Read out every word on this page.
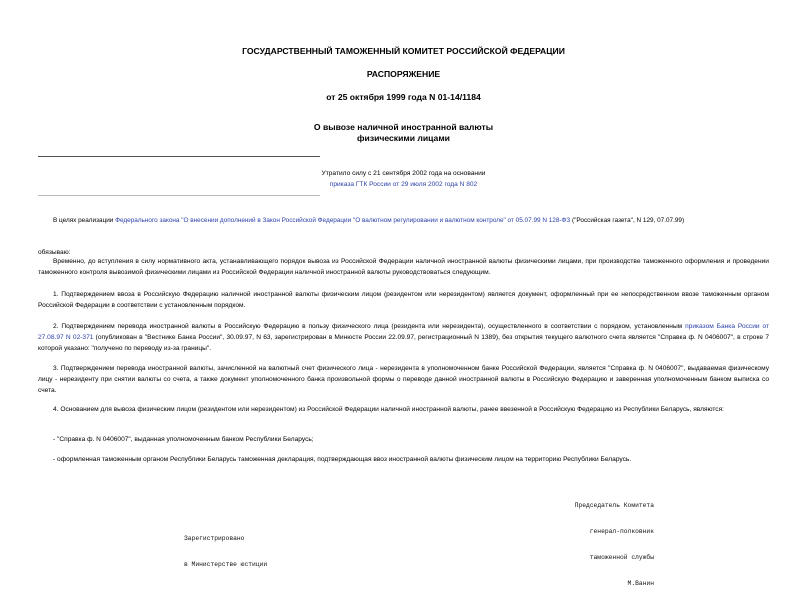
ГОСУДАРСТВЕННЫЙ ТАМОЖЕННЫЙ КОМИТЕТ РОССИЙСКОЙ ФЕДЕРАЦИИ
РАСПОРЯЖЕНИЕ
от 25 октября 1999 года N 01-14/1184
О вывозе наличной иностранной валюты
физическими лицами
Утратило силу с 21 сентября 2002 года на основании
приказа ГТК России от 29 июля 2002 года N 802
В целях реализации Федерального закона "О внесении дополнений в Закон Российской Федерации "О валютном регулировании и валютном контроле" от 05.07.99 N 128-ФЗ ("Российская газета", N 129, 07.07.99)
обязываю:
Временно, до вступления в силу нормативного акта, устанавливающего порядок вывоза из Российской Федерации наличной иностранной валюты физическими лицами, при производстве таможенного оформления и проведении таможенного контроля вывозимой физическими лицами из Российской Федерации наличной иностранной валюты руководствоваться следующим.
1. Подтверждением ввоза в Российскую Федерацию наличной иностранной валюты физическим лицом (резидентом или нерезидентом) является документ, оформленный при ее непосредственном ввозе таможенным органом Российской Федерации в соответствии с установленным порядком.
2. Подтверждением перевода иностранной валюты в Российскую Федерацию в пользу физического лица (резидента или нерезидента), осуществленного в соответствии с порядком, установленным приказом Банка России от 27.08.97 N 02-371 (опубликован в "Вестнике Банка России", 30.09.97, N 63, зарегистрирован в Минюсте России 22.09.97, регистрационный N 1389), без открытия текущего валютного счета является "Справка ф. N 0406007", в строке 7 которой указано: "получено по переводу из-за границы".
3. Подтверждением перевода иностранной валюты, зачисленной на валютный счет физического лица - нерезидента в уполномоченном банке Российской Федерации, является "Справка ф. N 0406007", выдаваемая физическому лицу - нерезиденту при снятии валюты со счета, а также документ уполномоченного банка произвольной формы о переводе данной иностранной валюты в Российскую Федерацию и заверенная уполномоченным банком выписка со счета.
4. Основанием для вывоза физическим лицом (резидентом или нерезидентом) из Российской Федерации наличной иностранной валюты, ранее ввезенной в Российскую Федерацию из Республики Беларусь, являются:
- "Справка ф. N 0406007", выданная уполномоченным банком Республики Беларусь;
- оформленная таможенным органом Республики Беларусь таможенная декларация, подтверждающая ввоз иностранной валюты физическим лицом на территорию Республики Беларусь.

Председатель Комитета

генерал-полковник

таможенной службы

М.Ванин

Зарегистрировано

в Министерстве юстиции
